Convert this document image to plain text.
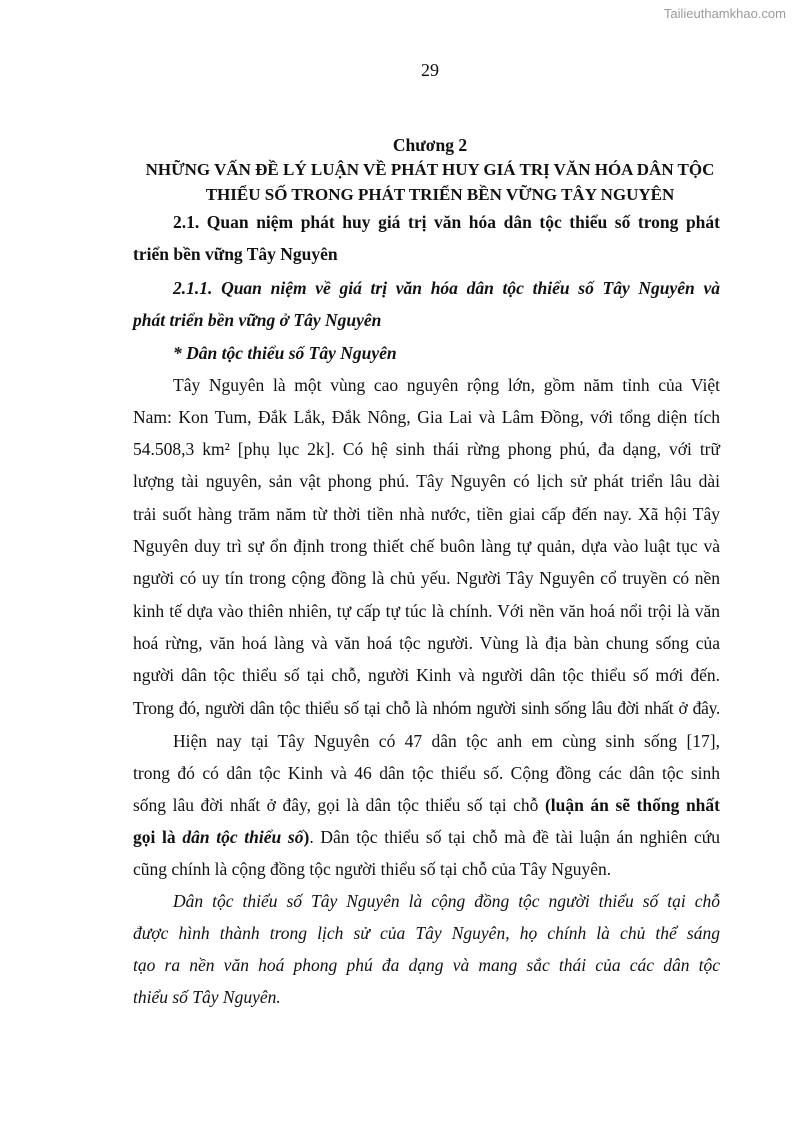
Tailieuthamkhao.com
29
Chương 2
NHỮNG VẤN ĐỀ LÝ LUẬN VỀ PHÁT HUY GIÁ TRỊ VĂN HÓA DÂN TỘC
THIỂU SỐ TRONG PHÁT TRIỂN BỀN VỮNG TÂY NGUYÊN
2.1. Quan niệm phát huy giá trị văn hóa dân tộc thiểu số trong phát
triển bền vững Tây Nguyên
2.1.1. Quan niệm về giá trị văn hóa dân tộc thiểu số Tây Nguyên và
phát triển bền vững ở Tây Nguyên
* Dân tộc thiểu số Tây Nguyên
Tây Nguyên là một vùng cao nguyên rộng lớn, gồm năm tỉnh của Việt
Nam: Kon Tum, Đắk Lắk, Đắk Nông, Gia Lai và Lâm Đồng, với tổng diện tích
54.508,3 km² [phụ lục 2k]. Có hệ sinh thái rừng phong phú, đa dạng, với trữ
lượng tài nguyên, sản vật phong phú. Tây Nguyên có lịch sử phát triển lâu dài
trải suốt hàng trăm năm từ thời tiền nhà nước, tiền giai cấp đến nay. Xã hội Tây
Nguyên duy trì sự ổn định trong thiết chế buôn làng tự quản, dựa vào luật tục và
người có uy tín trong cộng đồng là chủ yếu. Người Tây Nguyên cổ truyền có nền
kinh tế dựa vào thiên nhiên, tự cấp tự túc là chính. Với nền văn hoá nổi trội là văn
hoá rừng, văn hoá làng và văn hoá tộc người. Vùng là địa bàn chung sống của
người dân tộc thiểu số tại chỗ, người Kinh và người dân tộc thiểu số mới đến.
Trong đó, người dân tộc thiểu số tại chỗ là nhóm người sinh sống lâu đời nhất ở đây.
Hiện nay tại Tây Nguyên có 47 dân tộc anh em cùng sinh sống [17],
trong đó có dân tộc Kinh và 46 dân tộc thiểu số. Cộng đồng các dân tộc sinh
sống lâu đời nhất ở đây, gọi là dân tộc thiểu số tại chỗ (luận án sẽ thống nhất
gọi là dân tộc thiểu số). Dân tộc thiểu số tại chỗ mà đề tài luận án nghiên cứu
cũng chính là cộng đồng tộc người thiểu số tại chỗ của Tây Nguyên.
Dân tộc thiểu số Tây Nguyên là cộng đồng tộc người thiểu số tại chỗ
được hình thành trong lịch sử của Tây Nguyên, họ chính là chủ thể sáng
tạo ra nền văn hoá phong phú đa dạng và mang sắc thái của các dân tộc
thiểu số Tây Nguyên.
